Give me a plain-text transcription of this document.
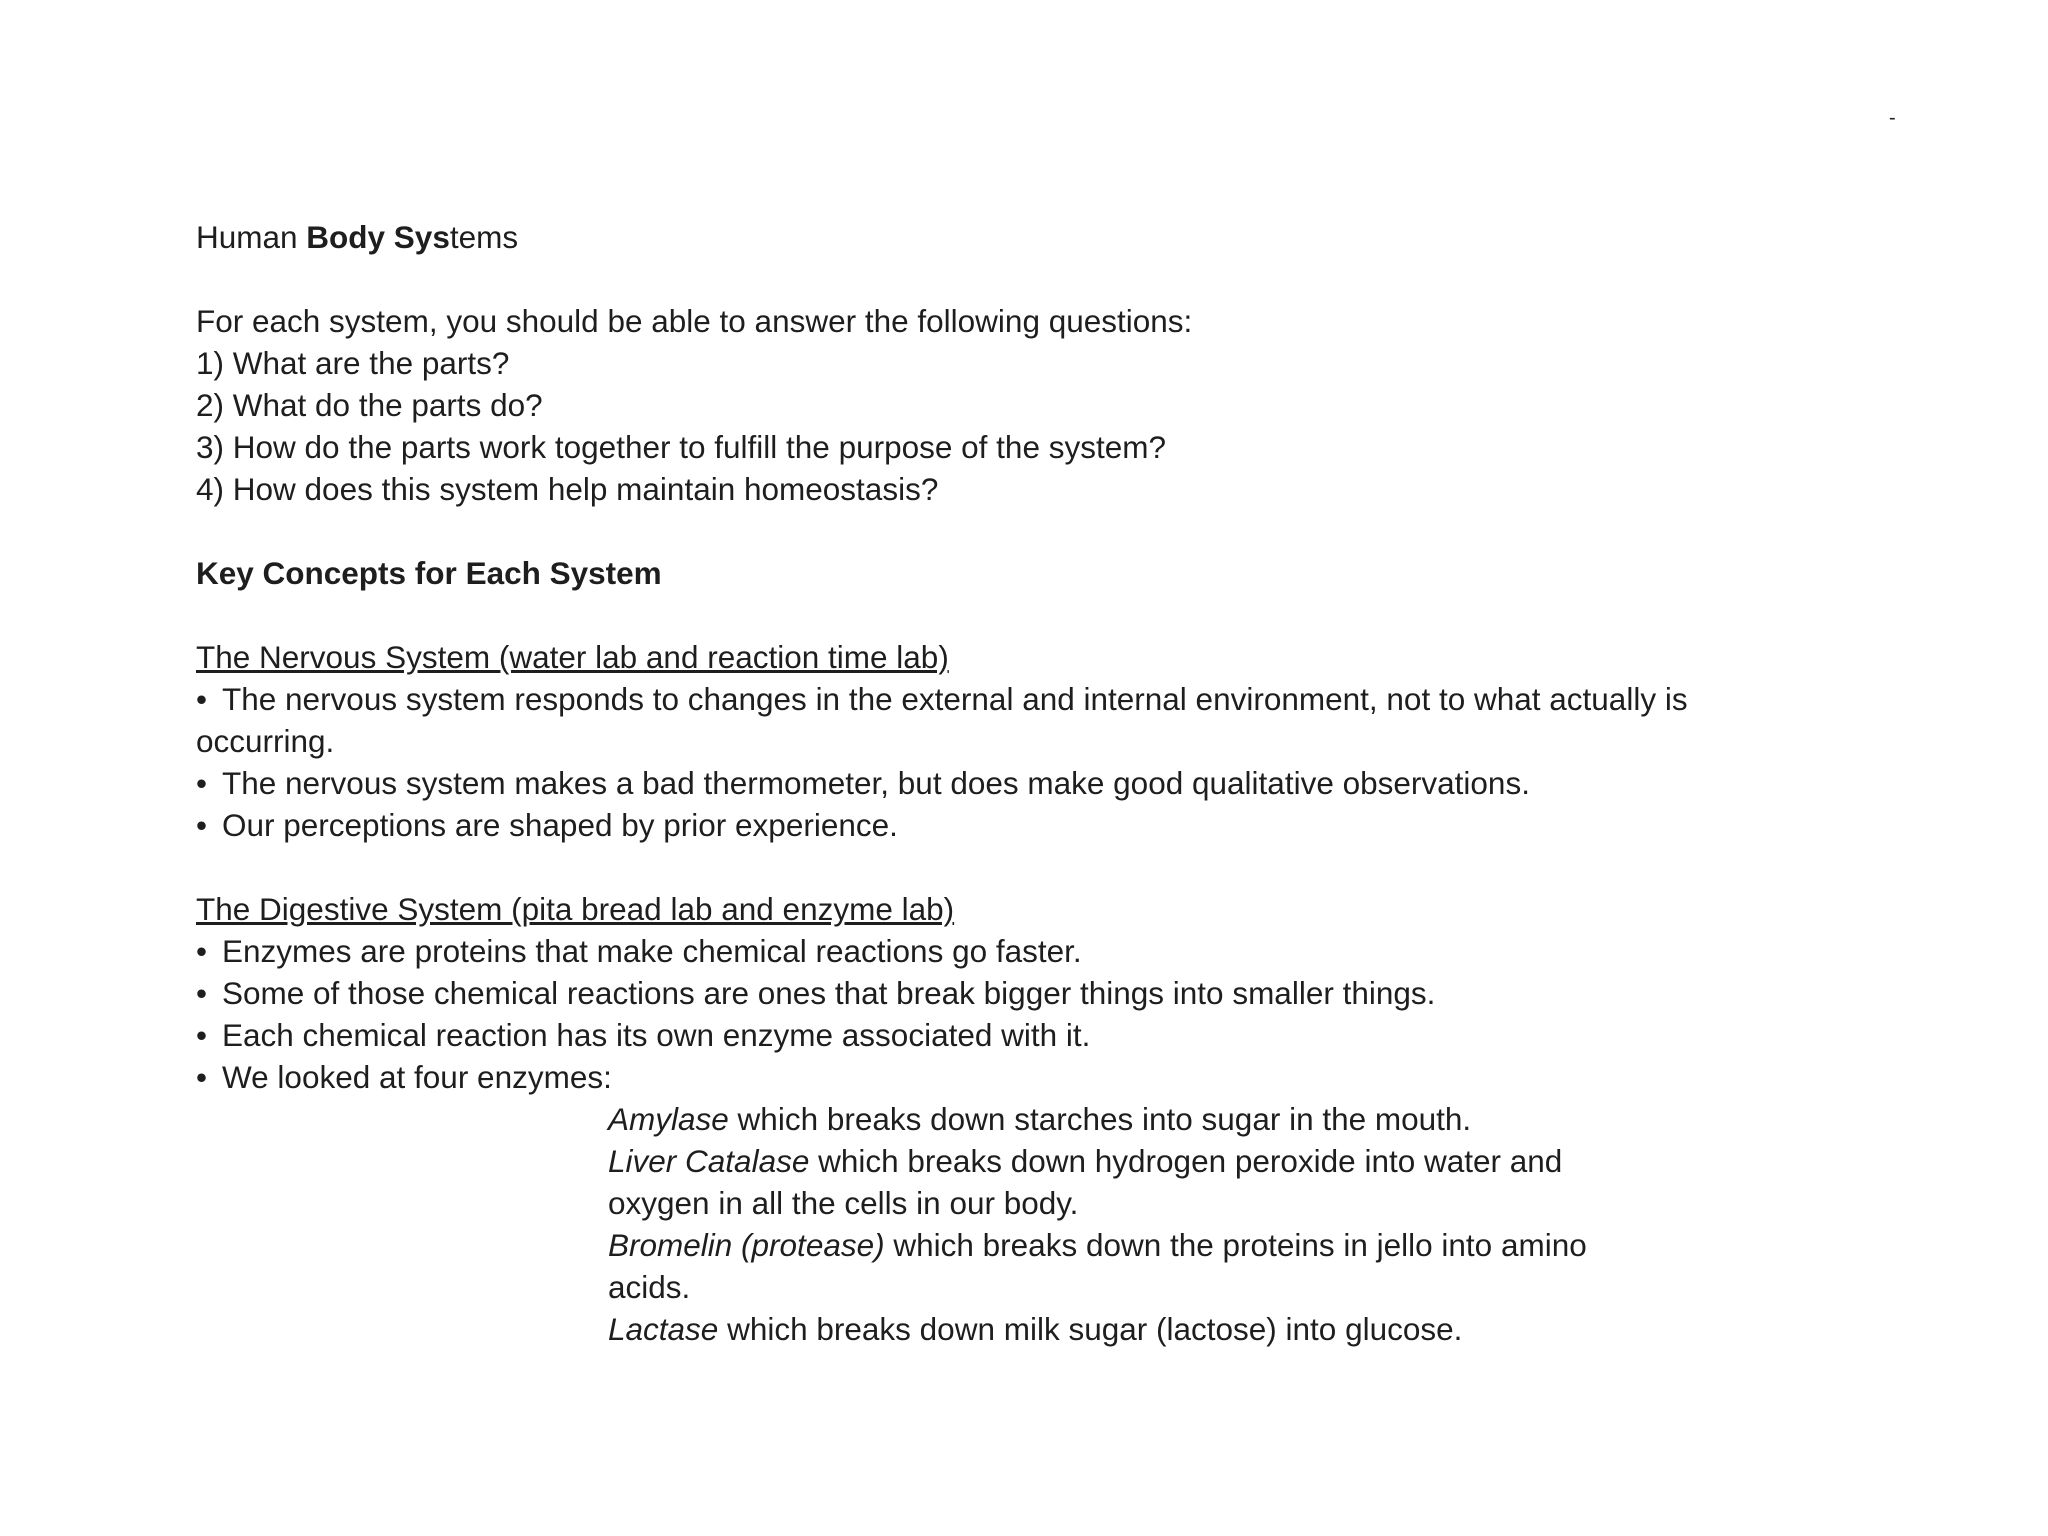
-
Human Body Systems
For each system, you should be able to answer the following questions:
1) What are the parts?
2) What do the parts do?
3) How do the parts work together to fulfill the purpose of the system?
4) How does this system help maintain homeostasis?
Key Concepts for Each System
The Nervous System (water lab and reaction time lab)
• The nervous system responds to changes in the external and internal environment, not to what actually is
occurring.
• The nervous system makes a bad thermometer, but does make good qualitative observations.
• Our perceptions are shaped by prior experience.
The Digestive System (pita bread lab and enzyme lab)
• Enzymes are proteins that make chemical reactions go faster.
• Some of those chemical reactions are ones that break bigger things into smaller things.
• Each chemical reaction has its own enzyme associated with it.
• We looked at four enzymes:
Amylase which breaks down starches into sugar in the mouth.
Liver Catalase which breaks down hydrogen peroxide into water and
oxygen in all the cells in our body.
Bromelin (protease) which breaks down the proteins in jello into amino
acids.
Lactase which breaks down milk sugar (lactose) into glucose.
